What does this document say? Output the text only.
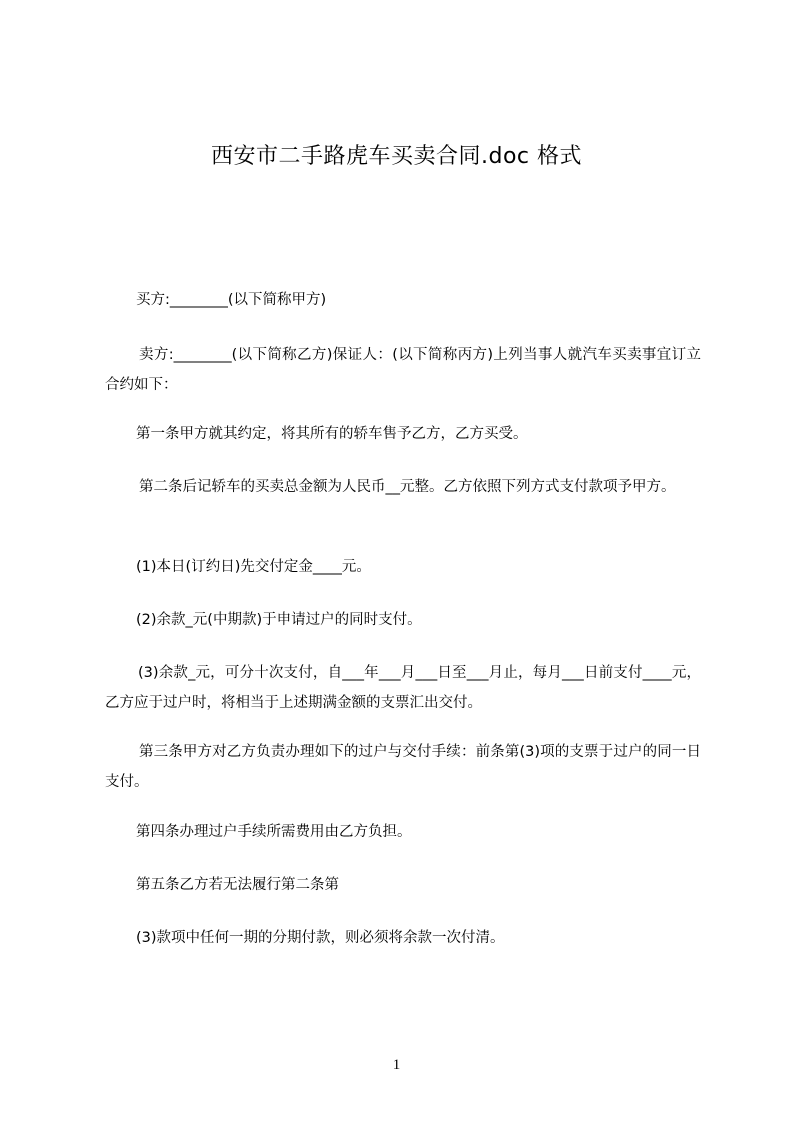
西安市二手路虎车买卖合同.doc 格式
买方:________(以下简称甲方)
卖方:________(以下简称乙方)保证人：(以下简称丙方)上列当事人就汽车买卖事宜订立合约如下：
第一条甲方就其约定，将其所有的轿车售予乙方，乙方买受。
第二条后记轿车的买卖总金额为人民币__元整。乙方依照下列方式支付款项予甲方。
(1)本日(订约日)先交付定金____元。
(2)余款_元(中期款)于申请过户的同时支付。
(3)余款_元，可分十次支付，自___年___月___日至___月止，每月___日前支付____元，乙方应于过户时，将相当于上述期满金额的支票汇出交付。
第三条甲方对乙方负责办理如下的过户与交付手续：前条第(3)项的支票于过户的同一日支付。
第四条办理过户手续所需费用由乙方负担。
第五条乙方若无法履行第二条第
(3)款项中任何一期的分期付款，则必须将余款一次付清。
1
